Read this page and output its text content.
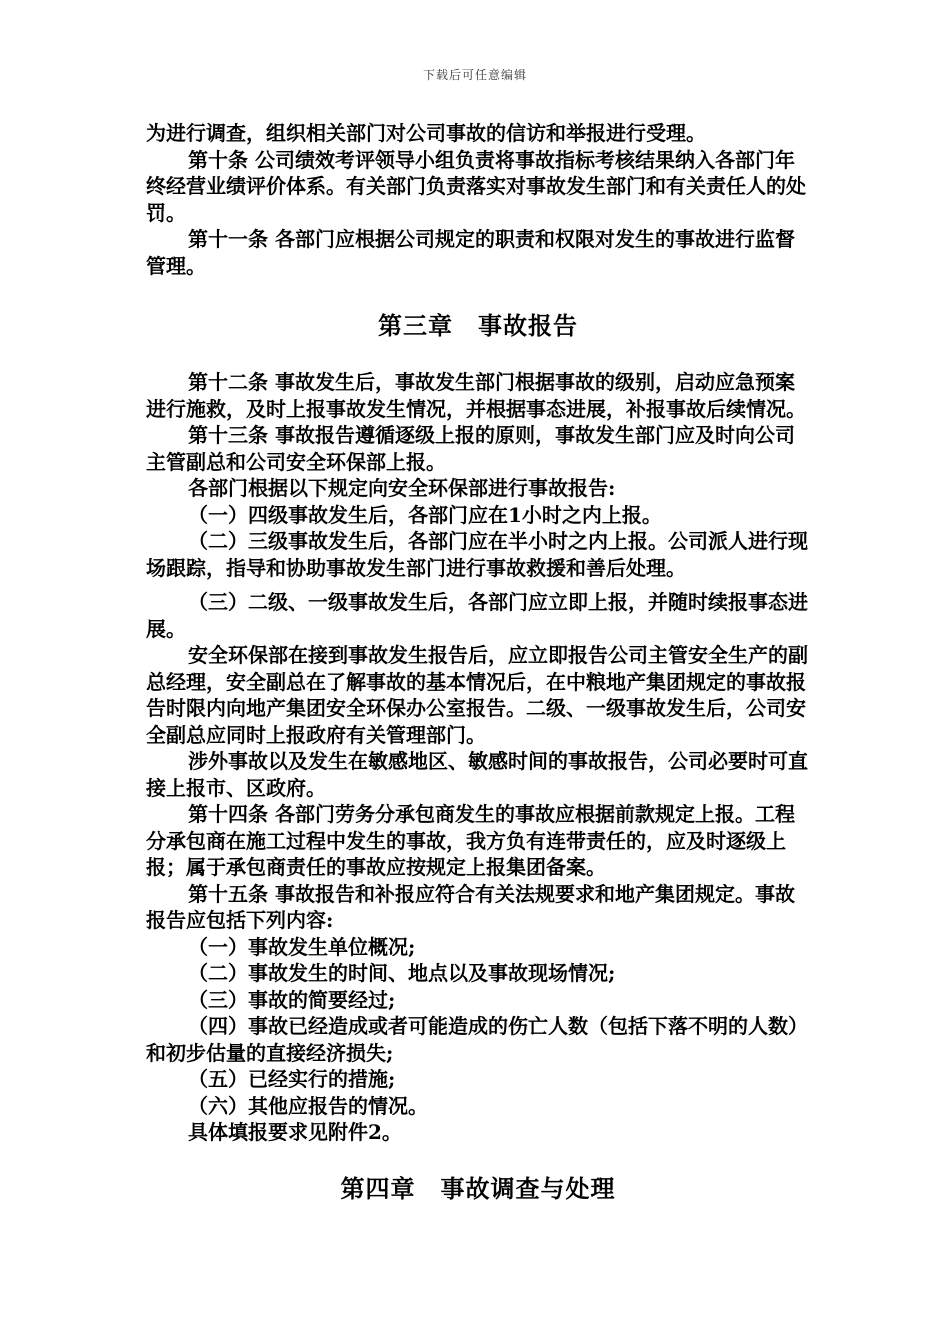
下载后可任意编辑

为进行调查，组织相关部门对公司事故的信访和举报进行受理。

第十条 公司绩效考评领导小组负责将事故指标考核结果纳入各部门年终经营业绩评价体系。有关部门负责落实对事故发生部门和有关责任人的处罚。

第十一条 各部门应根据公司规定的职责和权限对发生的事故进行监督管理。

第三章　事故报告

第十二条 事故发生后，事故发生部门根据事故的级别，启动应急预案进行施救，及时上报事故发生情况，并根据事态进展，补报事故后续情况。

第十三条 事故报告遵循逐级上报的原则，事故发生部门应及时向公司主管副总和公司安全环保部上报。

各部门根据以下规定向安全环保部进行事故报告:

（一）四级事故发生后，各部门应在1小时之内上报。

（二）三级事故发生后，各部门应在半小时之内上报。公司派人进行现场跟踪，指导和协助事故发生部门进行事故救援和善后处理。

（三）二级、一级事故发生后，各部门应立即上报，并随时续报事态进展。

安全环保部在接到事故发生报告后，应立即报告公司主管安全生产的副总经理，安全副总在了解事故的基本情况后，在中粮地产集团规定的事故报告时限内向地产集团安全环保办公室报告。二级、一级事故发生后，公司安全副总应同时上报政府有关管理部门。

涉外事故以及发生在敏感地区、敏感时间的事故报告，公司必要时可直接上报市、区政府。

第十四条 各部门劳务分承包商发生的事故应根据前款规定上报。工程分承包商在施工过程中发生的事故，我方负有连带责任的，应及时逐级上报；属于承包商责任的事故应按规定上报集团备案。

第十五条 事故报告和补报应符合有关法规要求和地产集团规定。事故报告应包括下列内容:

（一）事故发生单位概况;

（二）事故发生的时间、地点以及事故现场情况;

（三）事故的简要经过;

（四）事故已经造成或者可能造成的伤亡人数（包括下落不明的人数）和初步估量的直接经济损失;

（五）已经实行的措施;

（六）其他应报告的情况。

具体填报要求见附件2。

第四章　事故调查与处理
